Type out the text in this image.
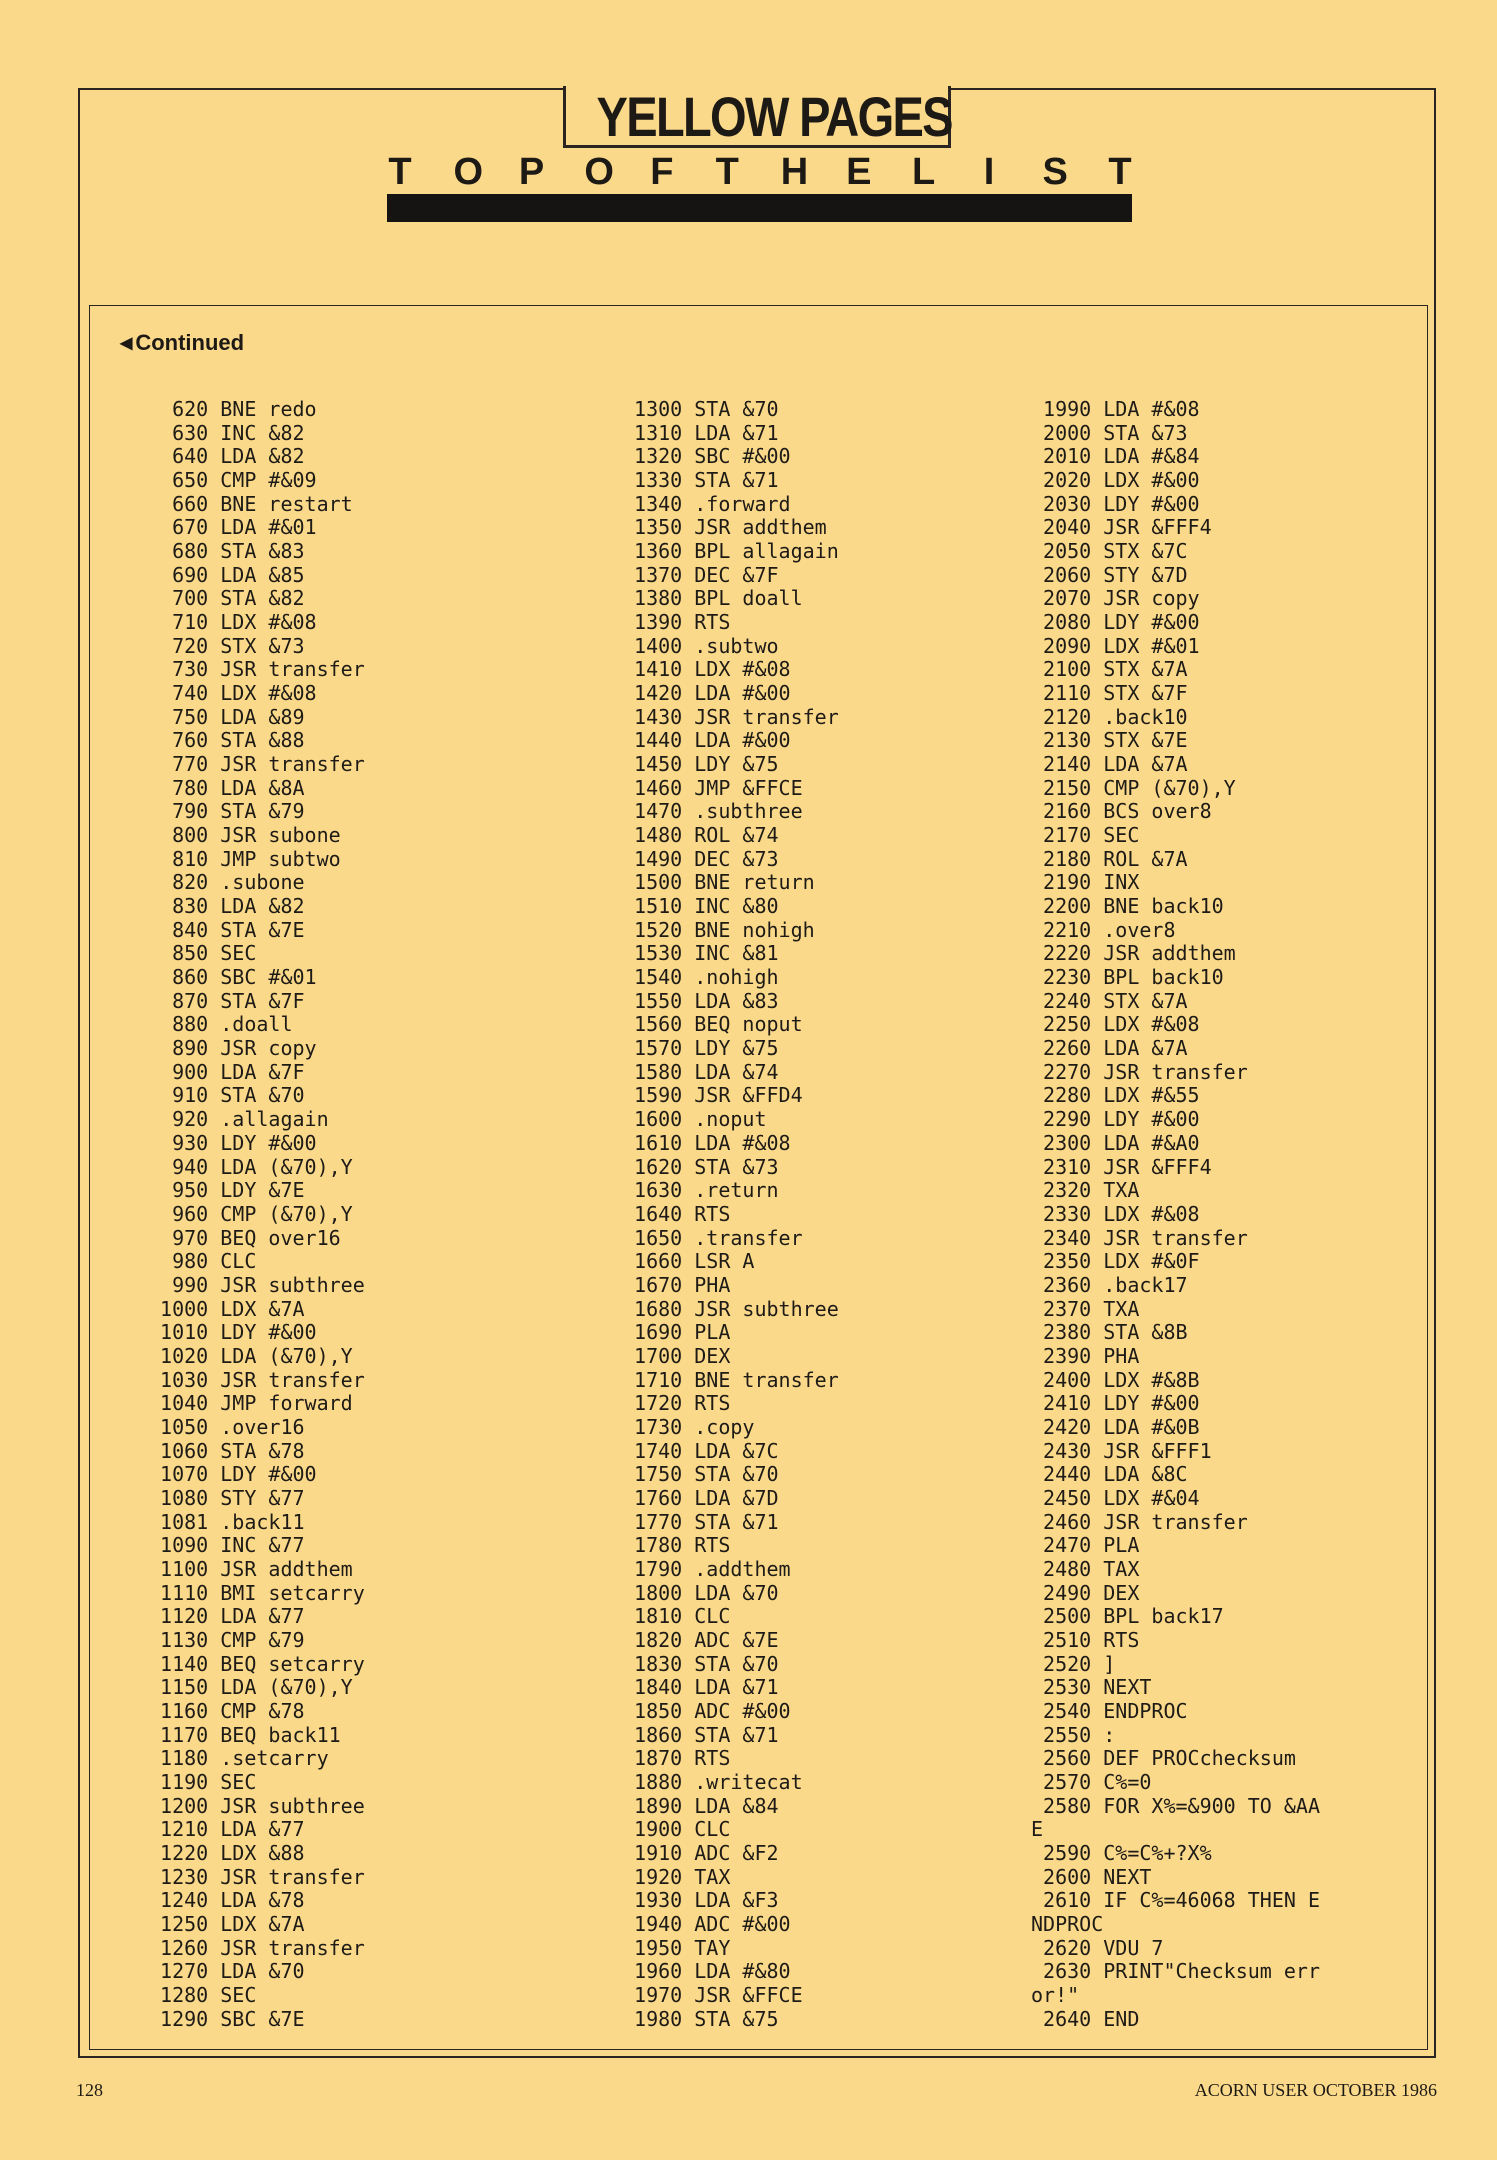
YELLOW PAGES
T O P O F T H E L I S T
◀ Continued
620 BNE redo
630 INC &82
640 LDA &82
650 CMP #&09
660 BNE restart
670 LDA #&01
680 STA &83
690 LDA &85
700 STA &82
710 LDX #&08
720 STX &73
730 JSR transfer
740 LDX #&08
750 LDA &89
760 STA &88
770 JSR transfer
780 LDA &8A
790 STA &79
800 JSR subone
810 JMP subtwo
820 .subone
830 LDA &82
840 STA &7E
850 SEC
860 SBC #&01
870 STA &7F
880 .doall
890 JSR copy
900 LDA &7F
910 STA &70
920 .allagain
930 LDY #&00
940 LDA (&70),Y
950 LDY &7E
960 CMP (&70),Y
970 BEQ over16
980 CLC
990 JSR subthree
1000 LDX &7A
1010 LDY #&00
1020 LDA (&70),Y
1030 JSR transfer
1040 JMP forward
1050 .over16
1060 STA &78
1070 LDY #&00
1080 STY &77
1081 .back11
1090 INC &77
1100 JSR addthem
1110 BMI setcarry
1120 LDA &77
1130 CMP &79
1140 BEQ setcarry
1150 LDA (&70),Y
1160 CMP &78
1170 BEQ back11
1180 .setcarry
1190 SEC
1200 JSR subthree
1210 LDA &77
1220 LDX &88
1230 JSR transfer
1240 LDA &78
1250 LDX &7A
1260 JSR transfer
1270 LDA &70
1280 SEC
1290 SBC &7E
1300 STA &70
1310 LDA &71
1320 SBC #&00
1330 STA &71
1340 .forward
1350 JSR addthem
1360 BPL allagain
1370 DEC &7F
1380 BPL doall
1390 RTS
1400 .subtwo
1410 LDX #&08
1420 LDA #&00
1430 JSR transfer
1440 LDA #&00
1450 LDY &75
1460 JMP &FFCE
1470 .subthree
1480 ROL &74
1490 DEC &73
1500 BNE return
1510 INC &80
1520 BNE nohigh
1530 INC &81
1540 .nohigh
1550 LDA &83
1560 BEQ noput
1570 LDY &75
1580 LDA &74
1590 JSR &FFD4
1600 .noput
1610 LDA #&08
1620 STA &73
1630 .return
1640 RTS
1650 .transfer
1660 LSR A
1670 PHA
1680 JSR subthree
1690 PLA
1700 DEX
1710 BNE transfer
1720 RTS
1730 .copy
1740 LDA &7C
1750 STA &70
1760 LDA &7D
1770 STA &71
1780 RTS
1790 .addthem
1800 LDA &70
1810 CLC
1820 ADC &7E
1830 STA &70
1840 LDA &71
1850 ADC #&00
1860 STA &71
1870 RTS
1880 .writecat
1890 LDA &84
1900 CLC
1910 ADC &F2
1920 TAX
1930 LDA &F3
1940 ADC #&00
1950 TAY
1960 LDA #&80
1970 JSR &FFCE
1980 STA &75
1990 LDA #&08
2000 STA &73
2010 LDA #&84
2020 LDX #&00
2030 LDY #&00
2040 JSR &FFF4
2050 STX &7C
2060 STY &7D
2070 JSR copy
2080 LDY #&00
2090 LDX #&01
2100 STX &7A
2110 STX &7F
2120 .back10
2130 STX &7E
2140 LDA &7A
2150 CMP (&70),Y
2160 BCS over8
2170 SEC
2180 ROL &7A
2190 INX
2200 BNE back10
2210 .over8
2220 JSR addthem
2230 BPL back10
2240 STX &7A
2250 LDX #&08
2260 LDA &7A
2270 JSR transfer
2280 LDX #&55
2290 LDY #&00
2300 LDA #&A0
2310 JSR &FFF4
2320 TXA
2330 LDX #&08
2340 JSR transfer
2350 LDX #&0F
2360 .back17
2370 TXA
2380 STA &8B
2390 PHA
2400 LDX #&8B
2410 LDY #&00
2420 LDA #&0B
2430 JSR &FFF1
2440 LDA &8C
2450 LDX #&04
2460 JSR transfer
2470 PLA
2480 TAX
2490 DEX
2500 BPL back17
2510 RTS
2520 ]
2530 NEXT
2540 ENDPROC
2550 :
2560 DEF PROCchecksum
2570 C%=0
2580 FOR X%=&900 TO &AA
E
2590 C%=C%+?X%
2600 NEXT
2610 IF C%=46068 THEN E
NDPROC
2620 VDU 7
2630 PRINT"Checksum err
or!"
2640 END
128	ACORN USER OCTOBER 1986
